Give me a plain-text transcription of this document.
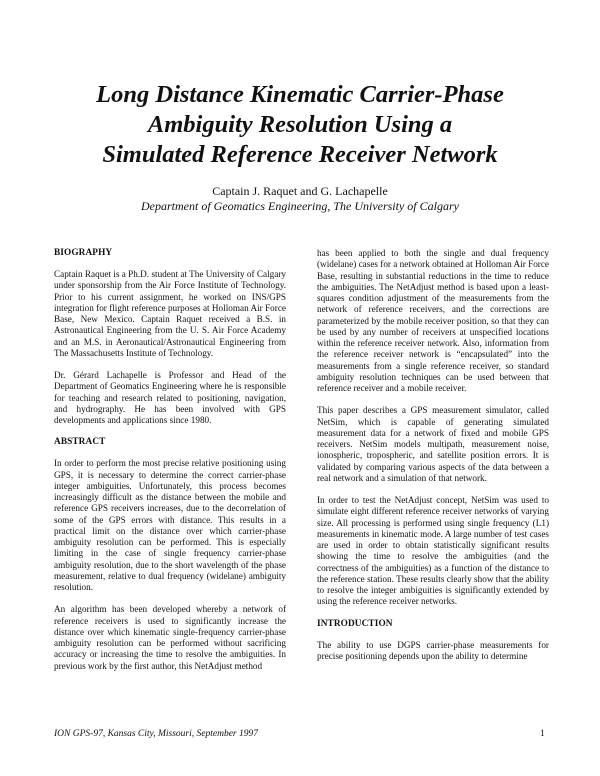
Long Distance Kinematic Carrier-Phase
Ambiguity Resolution Using a
Simulated Reference Receiver Network
Captain J. Raquet and G. Lachapelle
Department of Geomatics Engineering, The University of Calgary
BIOGRAPHY

Captain Raquet is a Ph.D. student at The University of Calgary under sponsorship from the Air Force Institute of Technology. Prior to his current assignment, he worked on INS/GPS integration for flight reference purposes at Holloman Air Force Base, New Mexico. Captain Raquet received a B.S. in Astronautical Engineering from the U. S. Air Force Academy and an M.S. in Aeronautical/Astronautical Engineering from The Massachusetts Institute of Technology.

Dr. Gérard Lachapelle is Professor and Head of the Department of Geomatics Engineering where he is responsible for teaching and research related to positioning, navigation, and hydrography. He has been involved with GPS developments and applications since 1980.

ABSTRACT

In order to perform the most precise relative positioning using GPS, it is necessary to determine the correct carrier-phase integer ambiguities. Unfortunately, this process becomes increasingly difficult as the distance between the mobile and reference GPS receivers increases, due to the decorrelation of some of the GPS errors with distance. This results in a practical limit on the distance over which carrier-phase ambiguity resolution can be performed. This is especially limiting in the case of single frequency carrier-phase ambiguity resolution, due to the short wavelength of the phase measurement, relative to dual frequency (widelane) ambiguity resolution.

An algorithm has been developed whereby a network of reference receivers is used to significantly increase the distance over which kinematic single-frequency carrier-phase ambiguity resolution can be performed without sacrificing accuracy or increasing the time to resolve the ambiguities. In previous work by the first author, this NetAdjust method

has been applied to both the single and dual frequency (widelane) cases for a network obtained at Holloman Air Force Base, resulting in substantial reductions in the time to reduce the ambiguities. The NetAdjust method is based upon a least-squares condition adjustment of the measurements from the network of reference receivers, and the corrections are parameterized by the mobile receiver position, so that they can be used by any number of receivers at unspecified locations within the reference receiver network. Also, information from the reference receiver network is “encapsulated” into the measurements from a single reference receiver, so standard ambiguity resolution techniques can be used between that reference receiver and a mobile receiver.

This paper describes a GPS measurement simulator, called NetSim, which is capable of generating simulated measurement data for a network of fixed and mobile GPS receivers. NetSim models multipath, measurement noise, ionospheric, tropospheric, and satellite position errors. It is validated by comparing various aspects of the data between a real network and a simulation of that network.

In order to test the NetAdjust concept, NetSim was used to simulate eight different reference receiver networks of varying size. All processing is performed using single frequency (L1) measurements in kinematic mode. A large number of test cases are used in order to obtain statistically significant results showing the time to resolve the ambiguities (and the correctness of the ambiguities) as a function of the distance to the reference station. These results clearly show that the ability to resolve the integer ambiguities is significantly extended by using the reference receiver networks.

INTRODUCTION

The ability to use DGPS carrier-phase measurements for precise positioning depends upon the ability to determine

ION GPS-97, Kansas City, Missouri, September 1997	1
